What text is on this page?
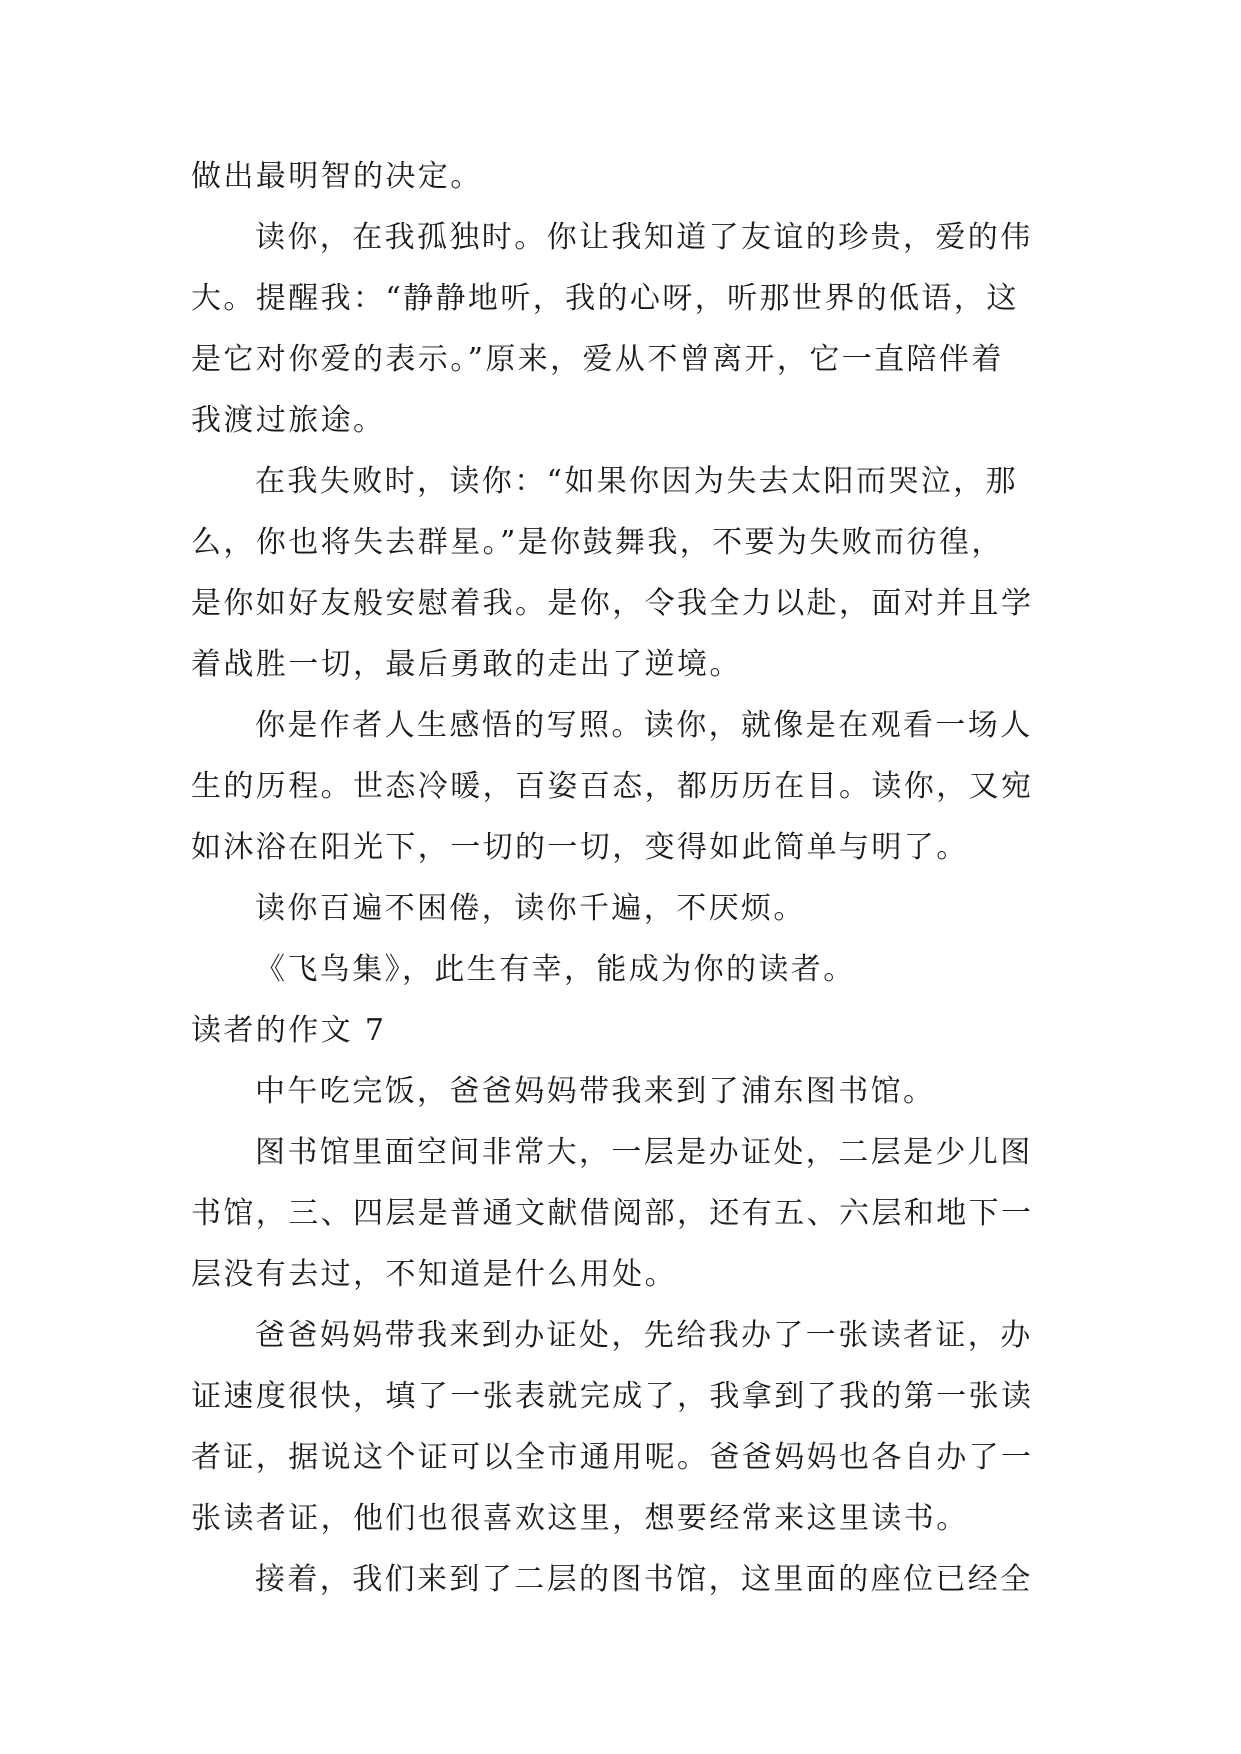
做出最明智的决定。
读你，在我孤独时。你让我知道了友谊的珍贵，爱的伟
大。提醒我：“静静地听，我的心呀，听那世界的低语，这
是它对你爱的表示。”原来，爱从不曾离开，它一直陪伴着
我渡过旅途。
在我失败时，读你：“如果你因为失去太阳而哭泣，那
么，你也将失去群星。”是你鼓舞我，不要为失败而彷徨，
是你如好友般安慰着我。是你，令我全力以赴，面对并且学
着战胜一切，最后勇敢的走出了逆境。
你是作者人生感悟的写照。读你，就像是在观看一场人
生的历程。世态冷暖，百姿百态，都历历在目。读你，又宛
如沐浴在阳光下，一切的一切，变得如此简单与明了。
读你百遍不困倦，读你千遍，不厌烦。
《飞鸟集》，此生有幸，能成为你的读者。
读者的作文 7
中午吃完饭，爸爸妈妈带我来到了浦东图书馆。
图书馆里面空间非常大，一层是办证处，二层是少儿图
书馆，三、四层是普通文献借阅部，还有五、六层和地下一
层没有去过，不知道是什么用处。
爸爸妈妈带我来到办证处，先给我办了一张读者证，办
证速度很快，填了一张表就完成了，我拿到了我的第一张读
者证，据说这个证可以全市通用呢。爸爸妈妈也各自办了一
张读者证，他们也很喜欢这里，想要经常来这里读书。
接着，我们来到了二层的图书馆，这里面的座位已经全
